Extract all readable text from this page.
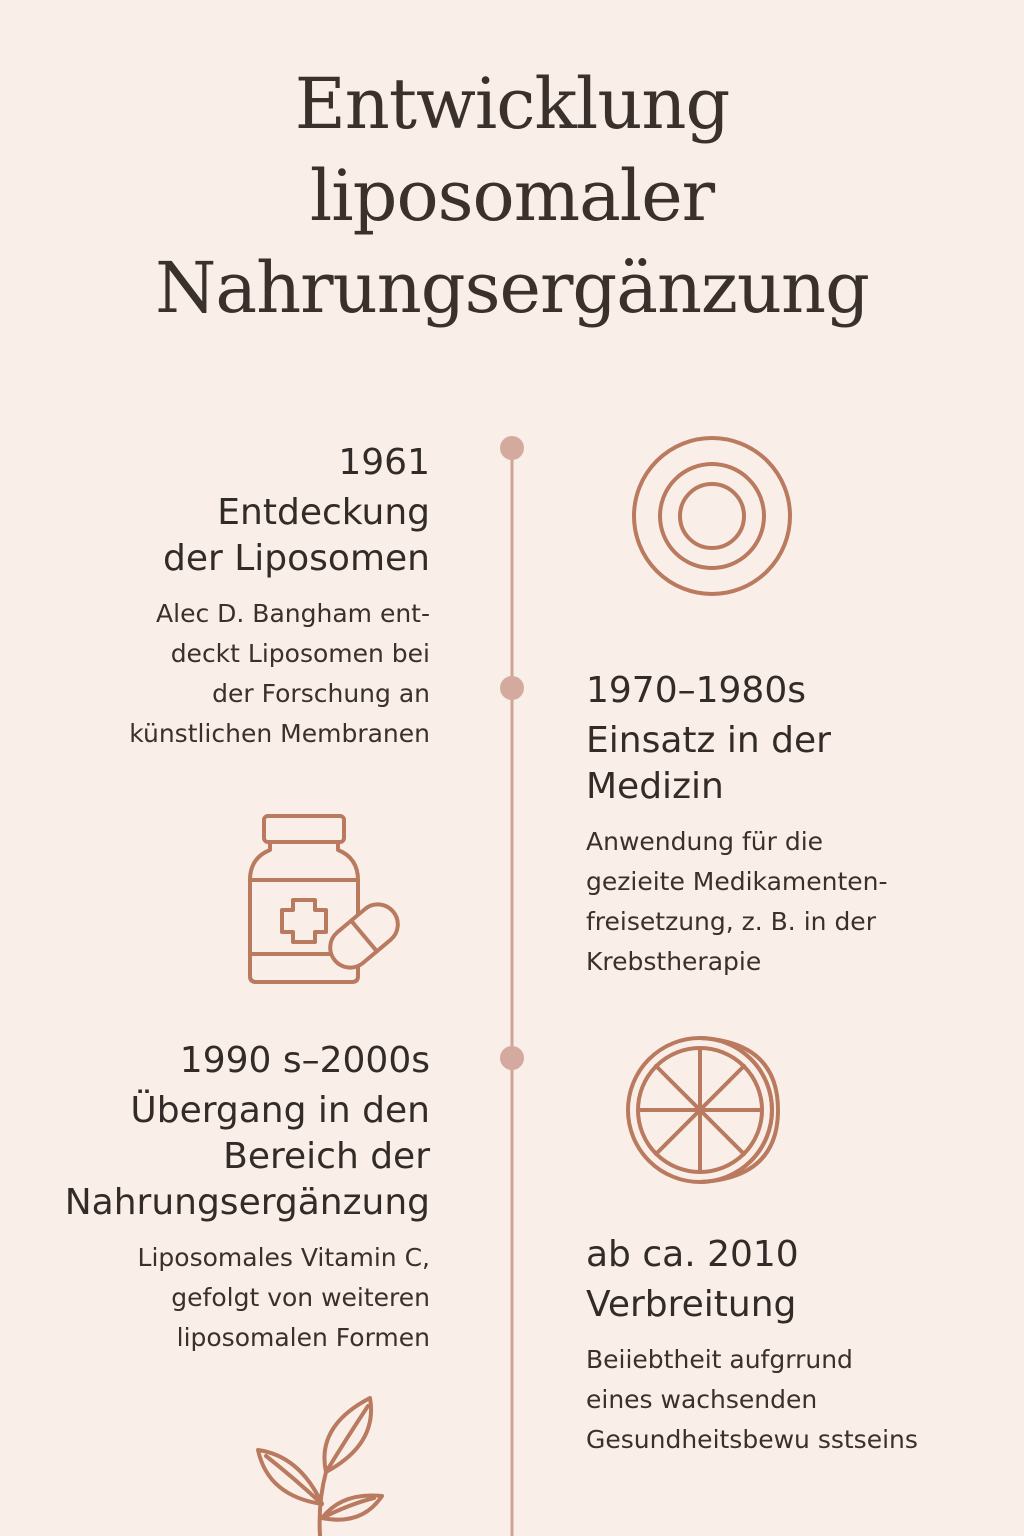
Entwicklung
liposomaler
Nahrungsergänzung
1961
Entdeckung
der Liposomen
Alec D. Bangham ent-
deckt Liposomen bei
der Forschung an
künstlichen Membranen
1970–1980s
Einsatz in der
Medizin
Anwendung für die
gezieite Medikamenten-
freisetzung, z. B. in der
Krebstherapie
1990 s–2000s
Übergang in den
Bereich der
Nahrungsergänzung
Liposomales Vitamin C,
gefolgt von weiteren
liposomalen Formen
ab ca. 2010
Verbreitung
Beiiebtheit aufgrrund
eines wachsenden
Gesundheitsbewu sstseins
